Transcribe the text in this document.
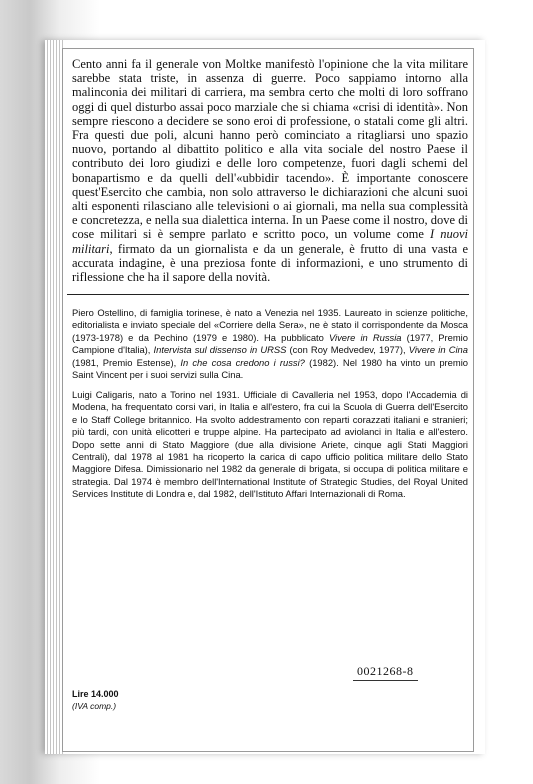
Cento anni fa il generale von Moltke manifestò l'opinione che la vita militare sarebbe stata triste, in assenza di guerre. Poco sappiamo intorno alla malinconia dei militari di carriera, ma sembra certo che molti di loro soffrano oggi di quel disturbo assai poco marziale che si chiama «crisi di identità». Non sempre riescono a decidere se sono eroi di professione, o statali come gli altri. Fra questi due poli, alcuni hanno però cominciato a ritagliarsi uno spazio nuovo, portando al dibattito politico e alla vita sociale del nostro Paese il contributo dei loro giudizi e delle loro competenze, fuori dagli schemi del bonapartismo e da quelli dell'«ubbidir tacendo». È importante conoscere quest'Esercito che cambia, non solo attraverso le dichiarazioni che alcuni suoi alti esponenti rilasciano alle televisioni o ai giornali, ma nella sua complessità e concretezza, e nella sua dialettica interna. In un Paese come il nostro, dove di cose militari si è sempre parlato e scritto poco, un volume come I nuovi militari, firmato da un giornalista e da un generale, è frutto di una vasta e accurata indagine, è una preziosa fonte di informazioni, e uno strumento di riflessione che ha il sapore della novità.

Piero Ostellino, di famiglia torinese, è nato a Venezia nel 1935. Laureato in scienze politiche, editorialista e inviato speciale del «Corriere della Sera», ne è stato il corrispondente da Mosca (1973-1978) e da Pechino (1979 e 1980). Ha pubblicato Vivere in Russia (1977, Premio Campione d'Italia), Intervista sul dissenso in URSS (con Roy Medvedev, 1977), Vivere in Cina (1981, Premio Estense), In che cosa credono i russi? (1982). Nel 1980 ha vinto un premio Saint Vincent per i suoi servizi sulla Cina.

Luigi Caligaris, nato a Torino nel 1931. Ufficiale di Cavalleria nel 1953, dopo l'Accademia di Modena, ha frequentato corsi vari, in Italia e all'estero, fra cui la Scuola di Guerra dell'Esercito e lo Staff College britannico. Ha svolto addestramento con reparti corazzati italiani e stranieri; più tardi, con unità elicotteri e truppe alpine. Ha partecipato ad aviolanci in Italia e all'estero. Dopo sette anni di Stato Maggiore (due alla divisione Ariete, cinque agli Stati Maggiori Centrali), dal 1978 al 1981 ha ricoperto la carica di capo ufficio politica militare dello Stato Maggiore Difesa. Dimissionario nel 1982 da generale di brigata, si occupa di politica militare e strategia. Dal 1974 è membro dell'International Institute of Strategic Studies, del Royal United Services Institute di Londra e, dal 1982, dell'Istituto Affari Internazionali di Roma.

0021268-8
Lire 14.000
(IVA comp.)
